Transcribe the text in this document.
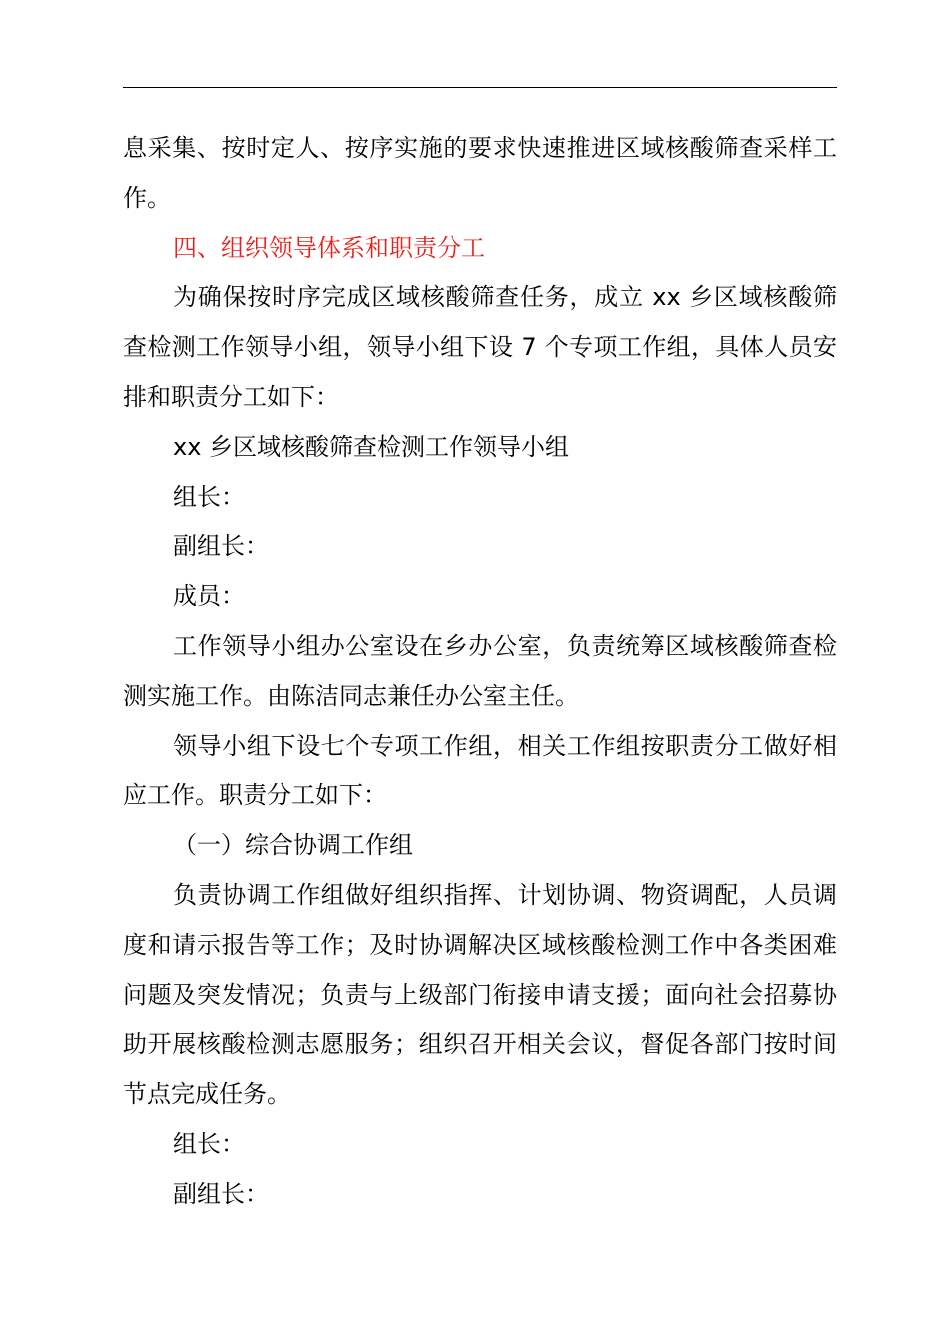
息采集、按时定人、按序实施的要求快速推进区域核酸筛查采样工作。

四、组织领导体系和职责分工

为确保按时序完成区域核酸筛查任务，成立 xx 乡区域核酸筛查检测工作领导小组，领导小组下设 7 个专项工作组，具体人员安排和职责分工如下：

xx 乡区域核酸筛查检测工作领导小组

组长：

副组长：

成员：

工作领导小组办公室设在乡办公室，负责统筹区域核酸筛查检测实施工作。由陈洁同志兼任办公室主任。

领导小组下设七个专项工作组，相关工作组按职责分工做好相应工作。职责分工如下：

（一）综合协调工作组

负责协调工作组做好组织指挥、计划协调、物资调配，人员调度和请示报告等工作；及时协调解决区域核酸检测工作中各类困难问题及突发情况；负责与上级部门衔接申请支援；面向社会招募协助开展核酸检测志愿服务；组织召开相关会议，督促各部门按时间节点完成任务。

组长：

副组长：
